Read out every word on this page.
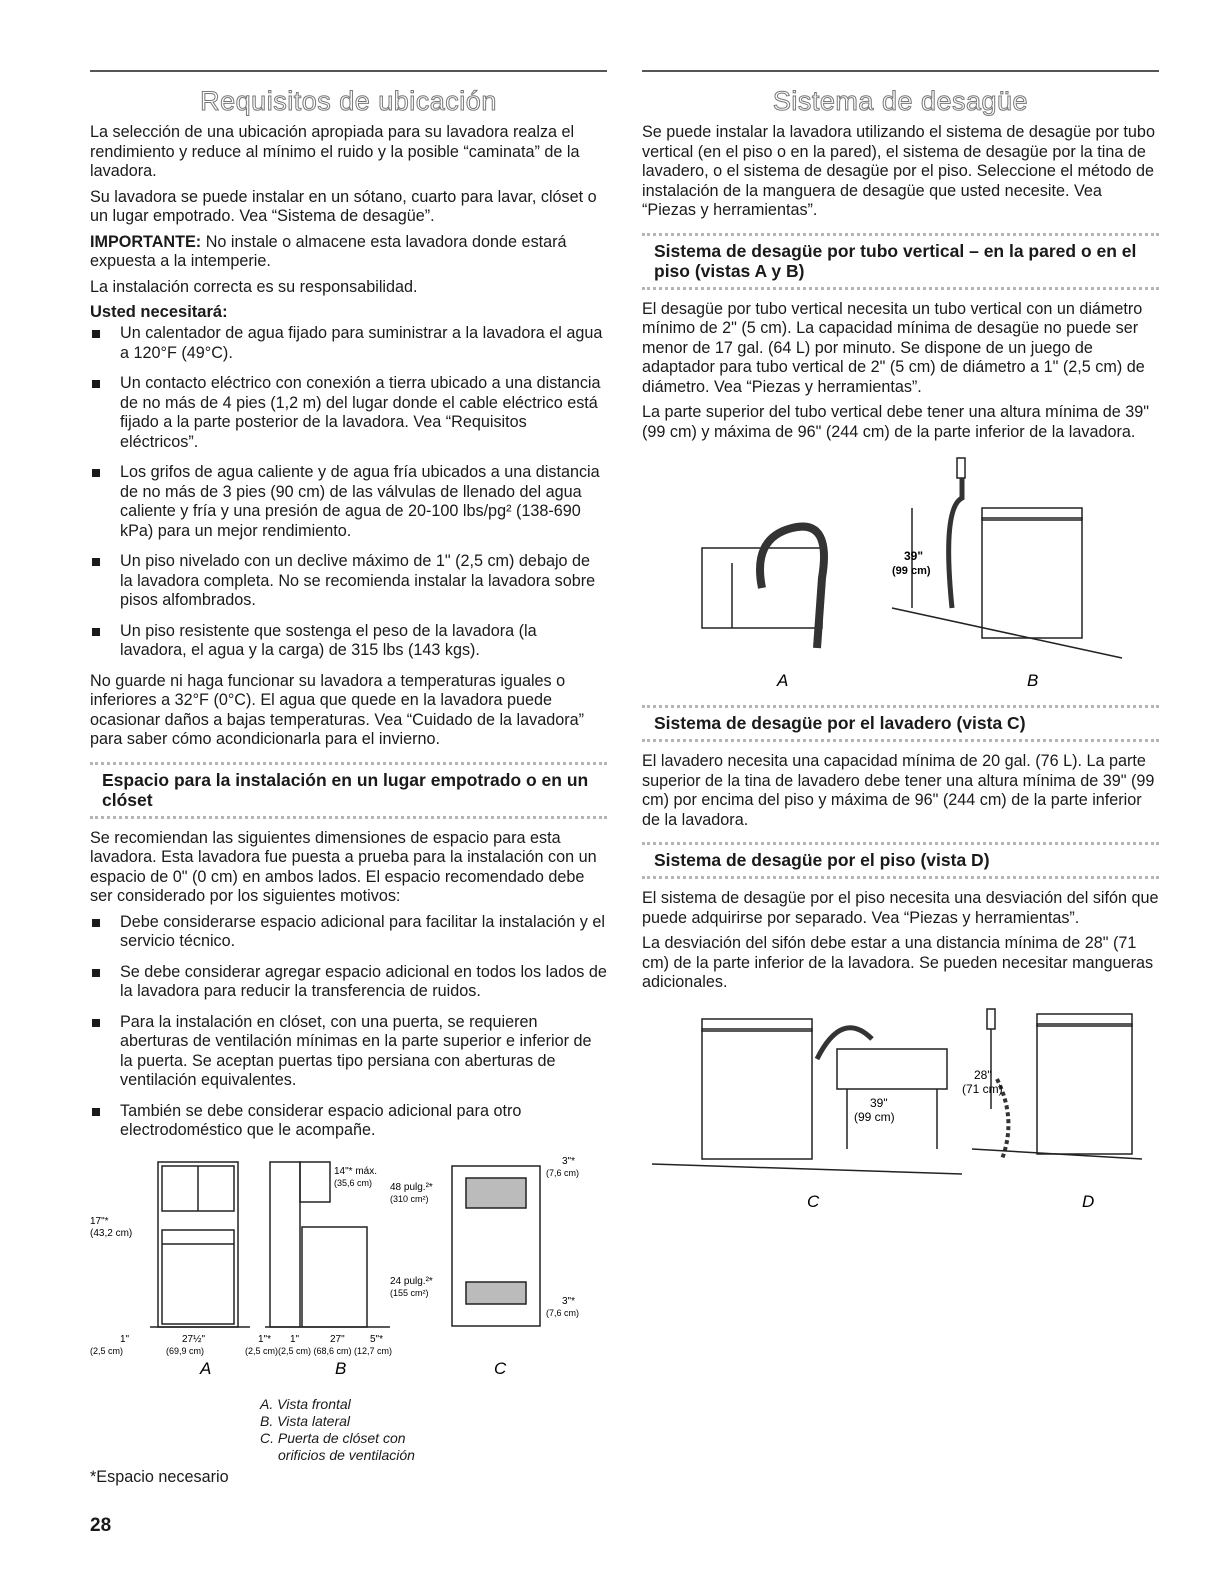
Requisitos de ubicación

La selección de una ubicación apropiada para su lavadora realza el rendimiento y reduce al mínimo el ruido y la posible “caminata” de la lavadora.

Su lavadora se puede instalar en un sótano, cuarto para lavar, clóset o un lugar empotrado. Vea “Sistema de desagüe”.

IMPORTANTE: No instale o almacene esta lavadora donde estará expuesta a la intemperie.

La instalación correcta es su responsabilidad.

Usted necesitará:
Un calentador de agua fijado para suministrar a la lavadora el agua a 120°F (49°C).
Un contacto eléctrico con conexión a tierra ubicado a una distancia de no más de 4 pies (1,2 m) del lugar donde el cable eléctrico está fijado a la parte posterior de la lavadora. Vea “Requisitos eléctricos”.
Los grifos de agua caliente y de agua fría ubicados a una distancia de no más de 3 pies (90 cm) de las válvulas de llenado del agua caliente y fría y una presión de agua de 20-100 lbs/pg² (138-690 kPa) para un mejor rendimiento.
Un piso nivelado con un declive máximo de 1" (2,5 cm) debajo de la lavadora completa. No se recomienda instalar la lavadora sobre pisos alfombrados.
Un piso resistente que sostenga el peso de la lavadora (la lavadora, el agua y la carga) de 315 lbs (143 kgs).

No guarde ni haga funcionar su lavadora a temperaturas iguales o inferiores a 32°F (0°C). El agua que quede en la lavadora puede ocasionar daños a bajas temperaturas. Vea “Cuidado de la lavadora” para saber cómo acondicionarla para el invierno.

Espacio para la instalación en un lugar empotrado o en un clóset

Se recomiendan las siguientes dimensiones de espacio para esta lavadora. Esta lavadora fue puesta a prueba para la instalación con un espacio de 0" (0 cm) en ambos lados. El espacio recomendado debe ser considerado por los siguientes motivos:

Debe considerarse espacio adicional para facilitar la instalación y el servicio técnico.
Se debe considerar agregar espacio adicional en todos los lados de la lavadora para reducir la transferencia de ruidos.
Para la instalación en clóset, con una puerta, se requieren aberturas de ventilación mínimas en la parte superior e inferior de la puerta. Se aceptan puertas tipo persiana con aberturas de ventilación equivalentes.
También se debe considerar espacio adicional para otro electrodoméstico que le acompañe.
17"*
(43,2 cm)
1"
(2,5 cm)
27½"
(69,9 cm)
14"* máx.
(35,6 cm) 48 pulg.²*
(310 cm²)
24 pulg.²*
(155 cm²)
1"* 1"	27"	5"*
(2,5 cm)(2,5 cm) (68,6 cm) (12,7 cm)
3"*
(7,6 cm)
3"*
(7,6 cm)
A	B	C
A. Vista frontal
B. Vista lateral
C. Puerta de clóset con
orificios de ventilación
*Espacio necesario
28
Sistema de desagüe

Se puede instalar la lavadora utilizando el sistema de desagüe por tubo vertical (en el piso o en la pared), el sistema de desagüe por la tina de lavadero, o el sistema de desagüe por el piso. Seleccione el método de instalación de la manguera de desagüe que usted necesite. Vea “Piezas y herramientas”.

Sistema de desagüe por tubo vertical – en la pared o en el piso (vistas A y B)

El desagüe por tubo vertical necesita un tubo vertical con un diámetro mínimo de 2" (5 cm). La capacidad mínima de desagüe no puede ser menor de 17 gal. (64 L) por minuto. Se dispone de un juego de adaptador para tubo vertical de 2" (5 cm) de diámetro a 1" (2,5 cm) de diámetro. Vea “Piezas y herramientas”.

La parte superior del tubo vertical debe tener una altura mínima de 39" (99 cm) y máxima de 96" (244 cm) de la parte inferior de la lavadora.

39"
(99 cm)
A	B
Sistema de desagüe por el lavadero (vista C)

El lavadero necesita una capacidad mínima de 20 gal. (76 L). La parte superior de la tina de lavadero debe tener una altura mínima de 39" (99 cm) por encima del piso y máxima de 96" (244 cm) de la parte inferior de la lavadora.

Sistema de desagüe por el piso (vista D)

El sistema de desagüe por el piso necesita una desviación del sifón que puede adquirirse por separado. Vea “Piezas y herramientas”.

La desviación del sifón debe estar a una distancia mínima de 28" (71 cm) de la parte inferior de la lavadora. Se pueden necesitar mangueras adicionales.

39"
(99 cm)
28"
(71 cm)
C	D
